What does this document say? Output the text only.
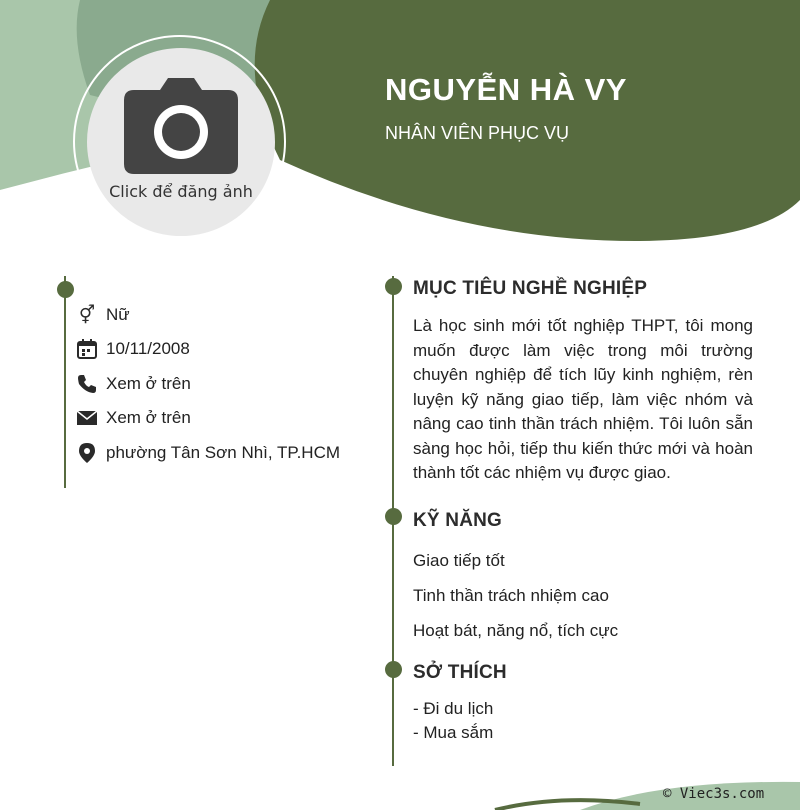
NGUYỄN HÀ VY
NHÂN VIÊN PHỤC VỤ
Click để đăng ảnh
⚥ Nữ
10/11/2008
Xem ở trên
Xem ở trên
phường Tân Sơn Nhì, TP.HCM
MỤC TIÊU NGHỀ NGHIỆP
Là học sinh mới tốt nghiệp THPT, tôi mong muốn được làm việc trong môi trường chuyên nghiệp để tích lũy kinh nghiệm, rèn luyện kỹ năng giao tiếp, làm việc nhóm và nâng cao tinh thần trách nhiệm. Tôi luôn sẵn sàng học hỏi, tiếp thu kiến thức mới và hoàn thành tốt các nhiệm vụ được giao.
KỸ NĂNG
Giao tiếp tốt
Tinh thần trách nhiệm cao
Hoạt bát, năng nổ, tích cực
SỞ THÍCH
- Đi du lịch
- Mua sắm
© Viec3s.com
